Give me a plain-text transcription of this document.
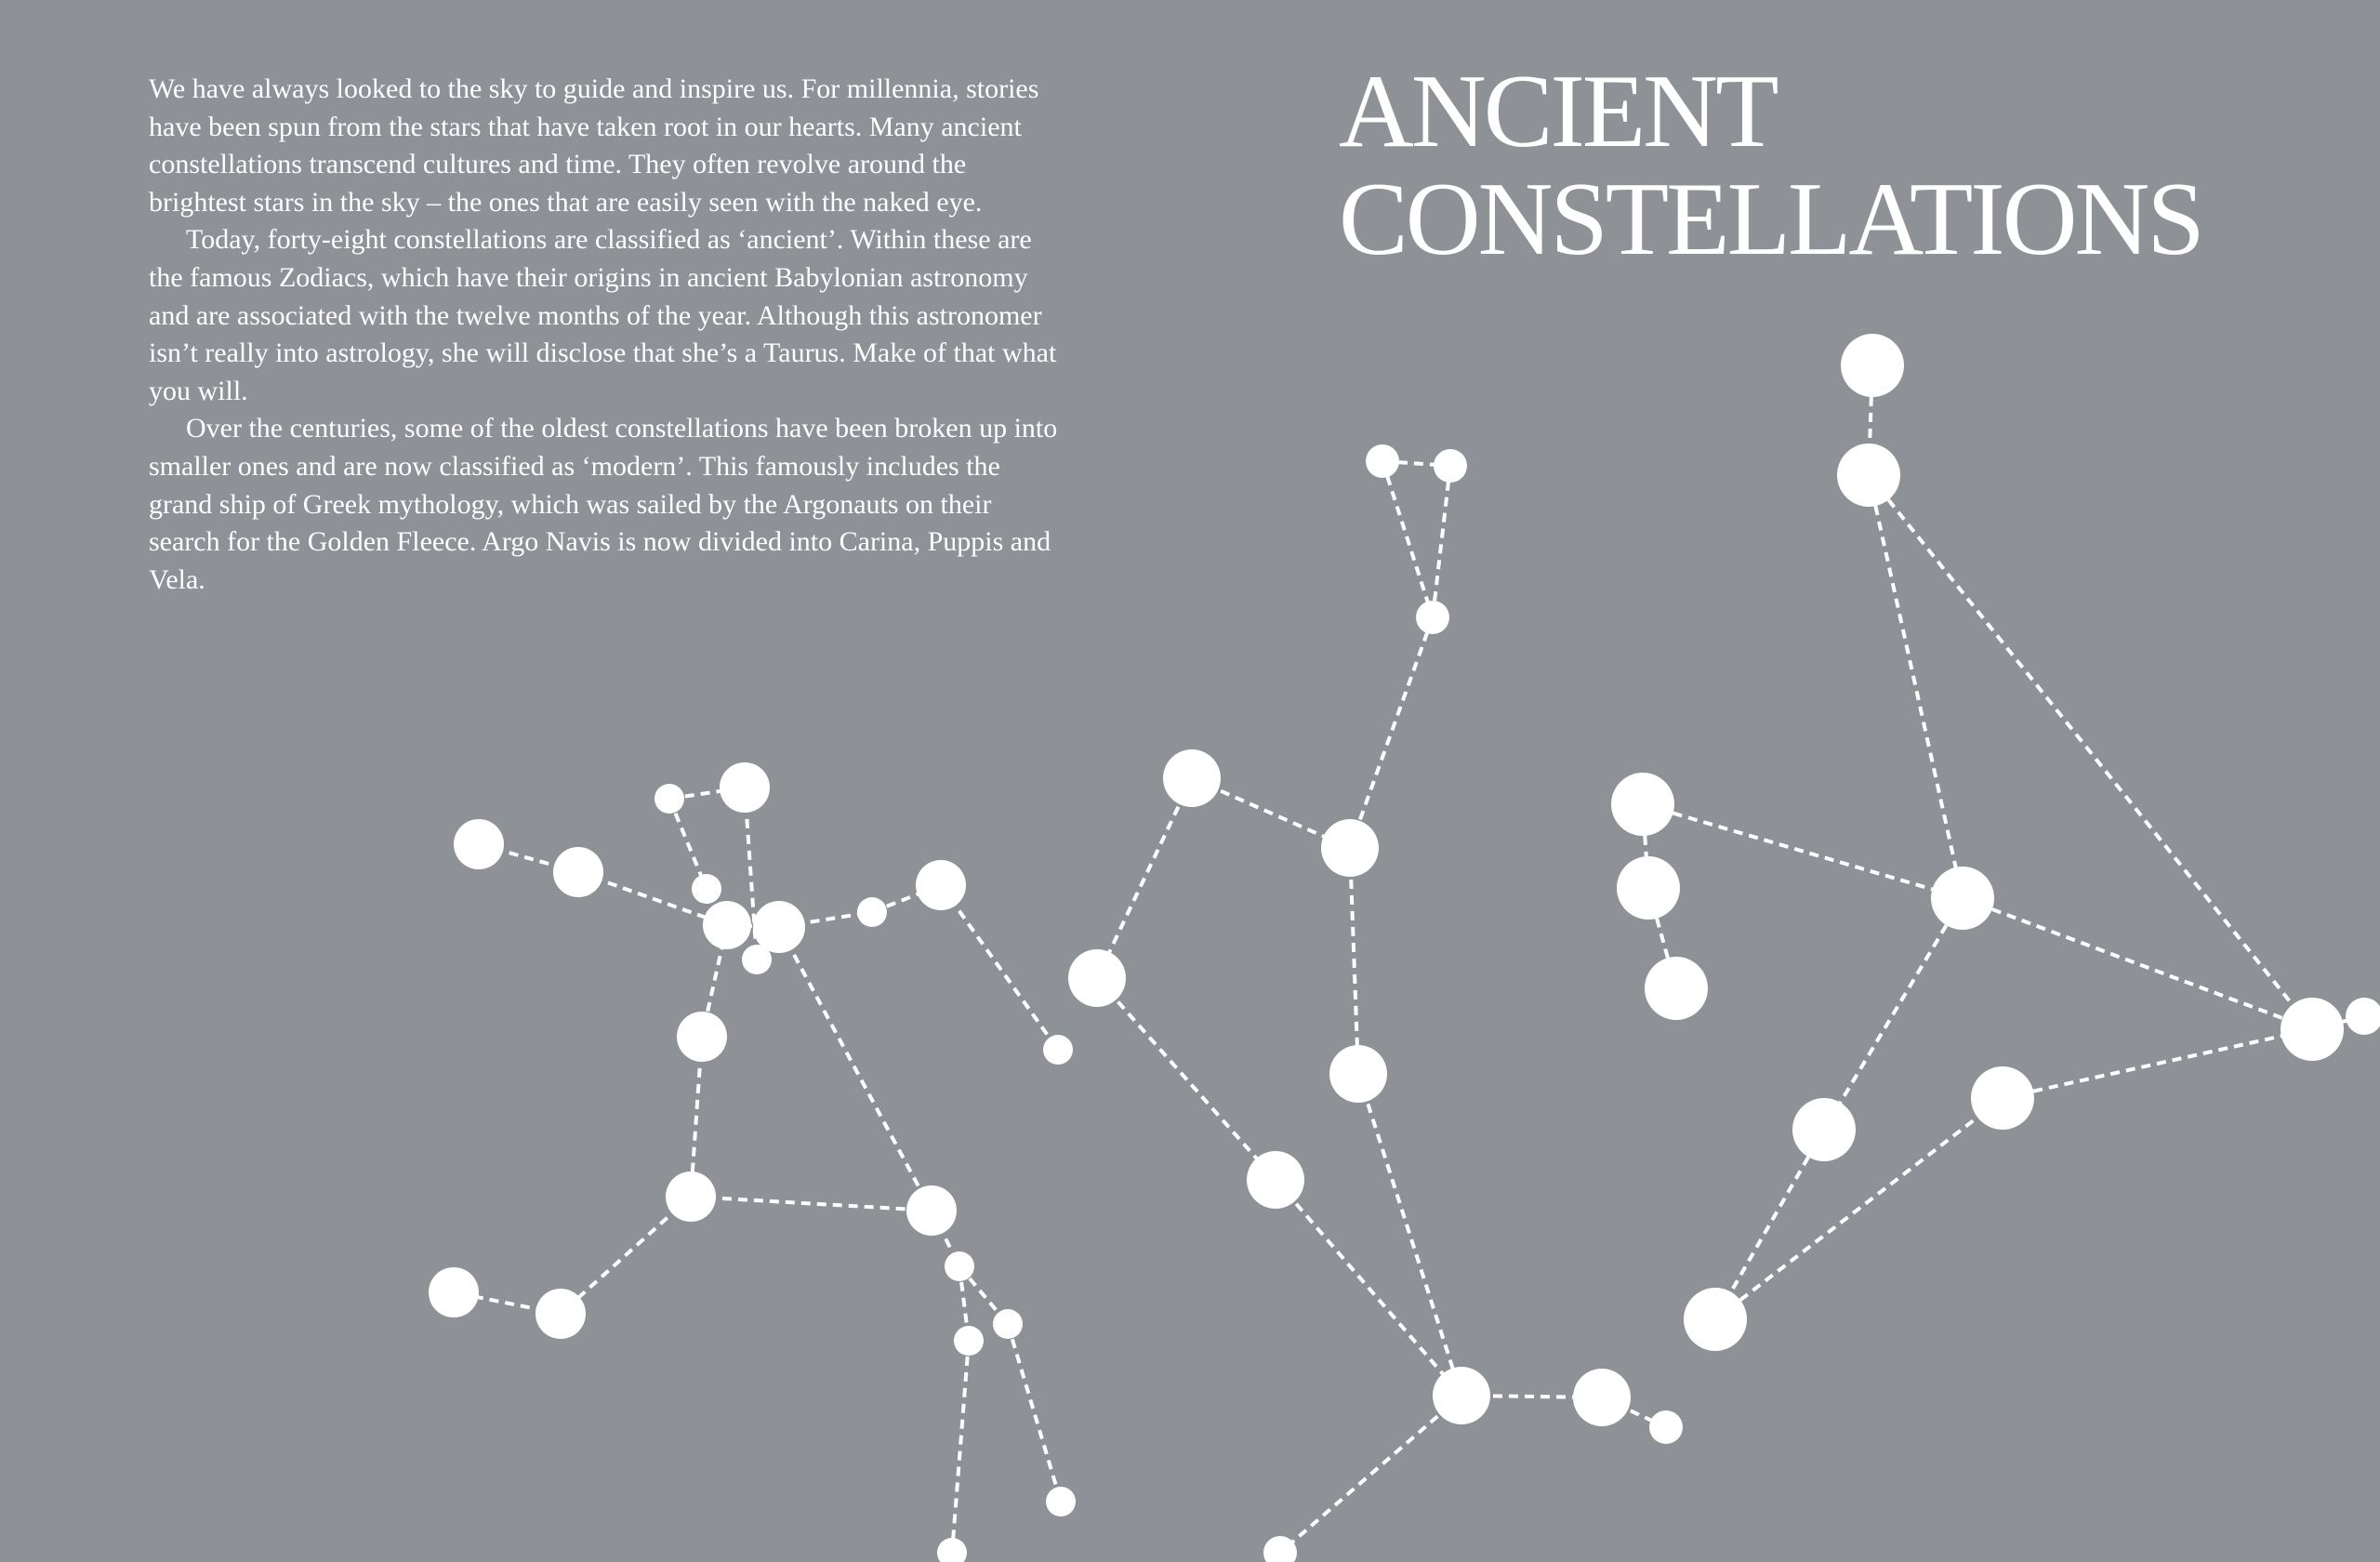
We have always looked to the sky to guide and inspire us. For millennia, stories have been spun from the stars that have taken root in our hearts. Many ancient constellations transcend cultures and time. They often revolve around the brightest stars in the sky – the ones that are easily seen with the naked eye.

Today, forty-eight constellations are classified as ‘ancient’. Within these are the famous Zodiacs, which have their origins in ancient Babylonian astronomy and are associated with the twelve months of the year. Although this astronomer isn’t really into astrology, she will disclose that she’s a Taurus. Make of that what you will.

Over the centuries, some of the oldest constellations have been broken up into smaller ones and are now classified as ‘modern’. This famously includes the grand ship of Greek mythology, which was sailed by the Argonauts on their search for the Golden Fleece. Argo Navis is now divided into Carina, Puppis and Vela.

ANCIENT
CONSTELLATIONS
